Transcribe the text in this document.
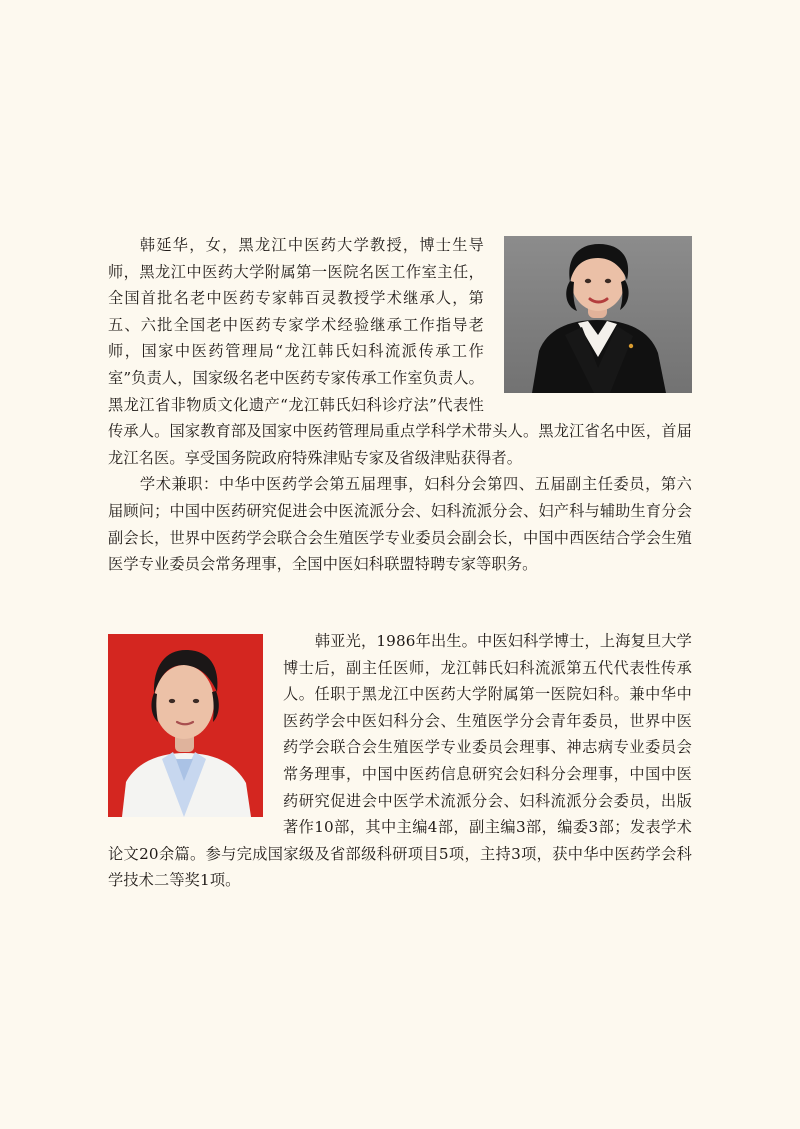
韩延华，女，黑龙江中医药大学教授，博士生导师，黑龙江中医药大学附属第一医院名医工作室主任，全国首批名老中医药专家韩百灵教授学术继承人，第五、六批全国老中医药专家学术经验继承工作指导老师，国家中医药管理局“龙江韩氏妇科流派传承工作室”负责人，国家级名老中医药专家传承工作室负责人。黑龙江省非物质文化遗产“龙江韩氏妇科诊疗法”代表性传承人。国家教育部及国家中医药管理局重点学科学术带头人。黑龙江省名中医，首届龙江名医。享受国务院政府特殊津贴专家及省级津贴获得者。

学术兼职：中华中医药学会第五届理事，妇科分会第四、五届副主任委员，第六届顾问；中国中医药研究促进会中医流派分会、妇科流派分会、妇产科与辅助生育分会副会长，世界中医药学会联合会生殖医学专业委员会副会长，中国中西医结合学会生殖医学专业委员会常务理事，全国中医妇科联盟特聘专家等职务。

韩亚光，1986年出生。中医妇科学博士，上海复旦大学博士后，副主任医师，龙江韩氏妇科流派第五代代表性传承人。任职于黑龙江中医药大学附属第一医院妇科。兼中华中医药学会中医妇科分会、生殖医学分会青年委员，世界中医药学会联合会生殖医学专业委员会理事、神志病专业委员会常务理事，中国中医药信息研究会妇科分会理事，中国中医药研究促进会中医学术流派分会、妇科流派分会委员，出版著作10部，其中主编4部，副主编3部，编委3部；发表学术论文20余篇。参与完成国家级及省部级科研项目5项，主持3项，获中华中医药学会科学技术二等奖1项。
